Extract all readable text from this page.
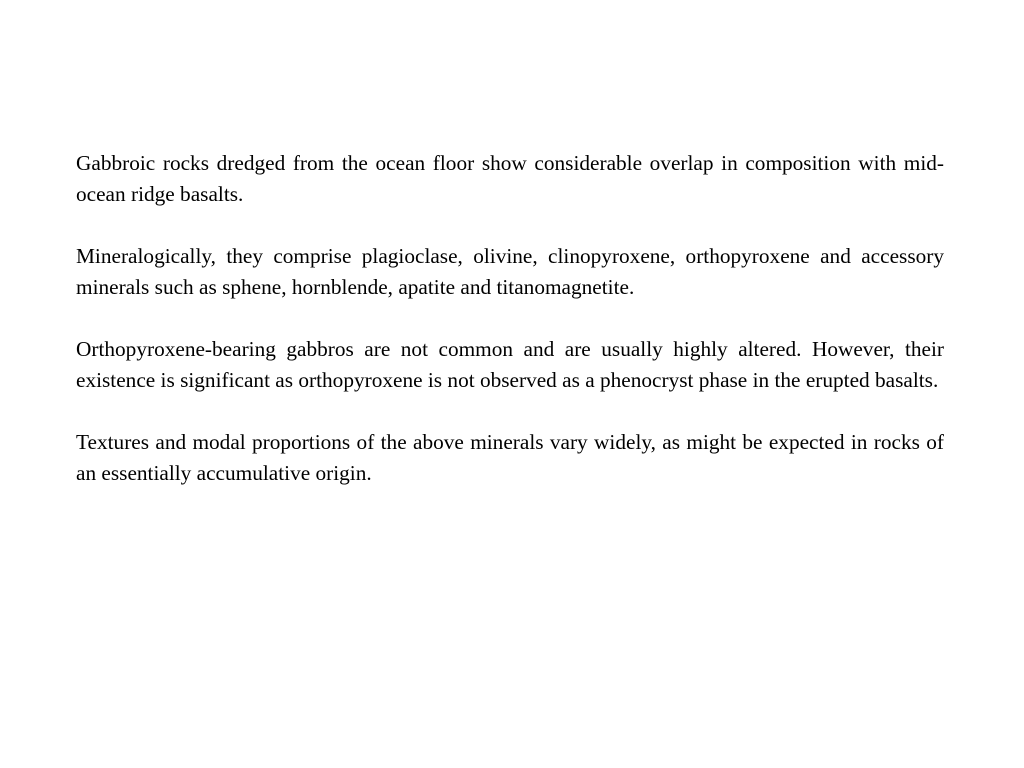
Gabbroic rocks dredged from the ocean floor show considerable overlap in composition with mid-ocean ridge basalts.

Mineralogically, they comprise plagioclase, olivine, clinopyroxene, orthopyroxene and accessory minerals such as sphene, hornblende, apatite and titanomagnetite.

Orthopyroxene-bearing gabbros are not common and are usually highly altered. However, their existence is significant as orthopyroxene is not observed as a phenocryst phase in the erupted basalts.

Textures and modal proportions of the above minerals vary widely, as might be expected in rocks of an essentially accumulative origin.
